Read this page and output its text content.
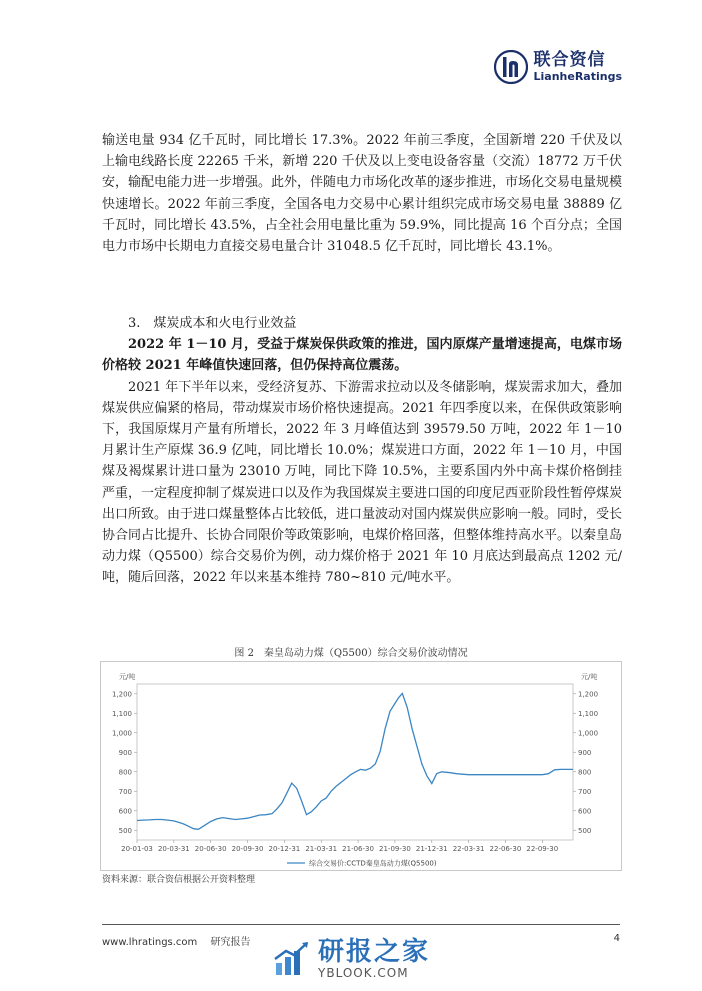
联合资信
LianheRatings

输送电量 934 亿千瓦时，同比增长 17.3%。2022 年前三季度，全国新增 220 千伏及以上输电线路长度 22265 千米，新增 220 千伏及以上变电设备容量（交流）18772 万千伏安，输配电能力进一步增强。此外，伴随电力市场化改革的逐步推进，市场化交易电量规模快速增长。2022 年前三季度，全国各电力交易中心累计组织完成市场交易电量 38889 亿千瓦时，同比增长 43.5%，占全社会用电量比重为 59.9%，同比提高 16 个百分点；全国电力市场中长期电力直接交易电量合计 31048.5 亿千瓦时，同比增长 43.1%。

3.　煤炭成本和火电行业效益

2022 年 1－10 月，受益于煤炭保供政策的推进，国内原煤产量增速提高，电煤市场价格较 2021 年峰值快速回落，但仍保持高位震荡。

2021 年下半年以来，受经济复苏、下游需求拉动以及冬储影响，煤炭需求加大，叠加煤炭供应偏紧的格局，带动煤炭市场价格快速提高。2021 年四季度以来，在保供政策影响下，我国原煤月产量有所增长，2022 年 3 月峰值达到 39579.50 万吨，2022 年 1－10 月累计生产原煤 36.9 亿吨，同比增长 10.0%；煤炭进口方面，2022 年 1－10 月，中国煤及褐煤累计进口量为 23010 万吨，同比下降 10.5%，主要系国内外中高卡煤价格倒挂严重，一定程度抑制了煤炭进口以及作为我国煤炭主要进口国的印度尼西亚阶段性暂停煤炭出口所致。由于进口煤量整体占比较低，进口量波动对国内煤炭供应影响一般。同时，受长协合同占比提升、长协合同限价等政策影响，电煤价格回落，但整体维持高水平。以秦皇岛动力煤（Q5500）综合交易价为例，动力煤价格于 2021 年 10 月底达到最高点 1202 元/吨，随后回落，2022 年以来基本维持 780~810 元/吨水平。

图 2　秦皇岛动力煤（Q5500）综合交易价波动情况
元/吨	元/吨
500
600
700
800
900
1,000
1,100
1,200
500
600
700
800
900
1,000
1,100
1,200
20-01-03 20-03-31 20-06-30 20-09-30 20-12-31 21-03-31 21-06-30 21-09-30 21-12-31 22-03-31 22-06-30 22-09-30
综合交易价:CCTD秦皇岛动力煤(Q5500)
资料来源：联合资信根据公开资料整理
www.lhratings.com 研究报告	4
研报之家
YBLOOK.COM
